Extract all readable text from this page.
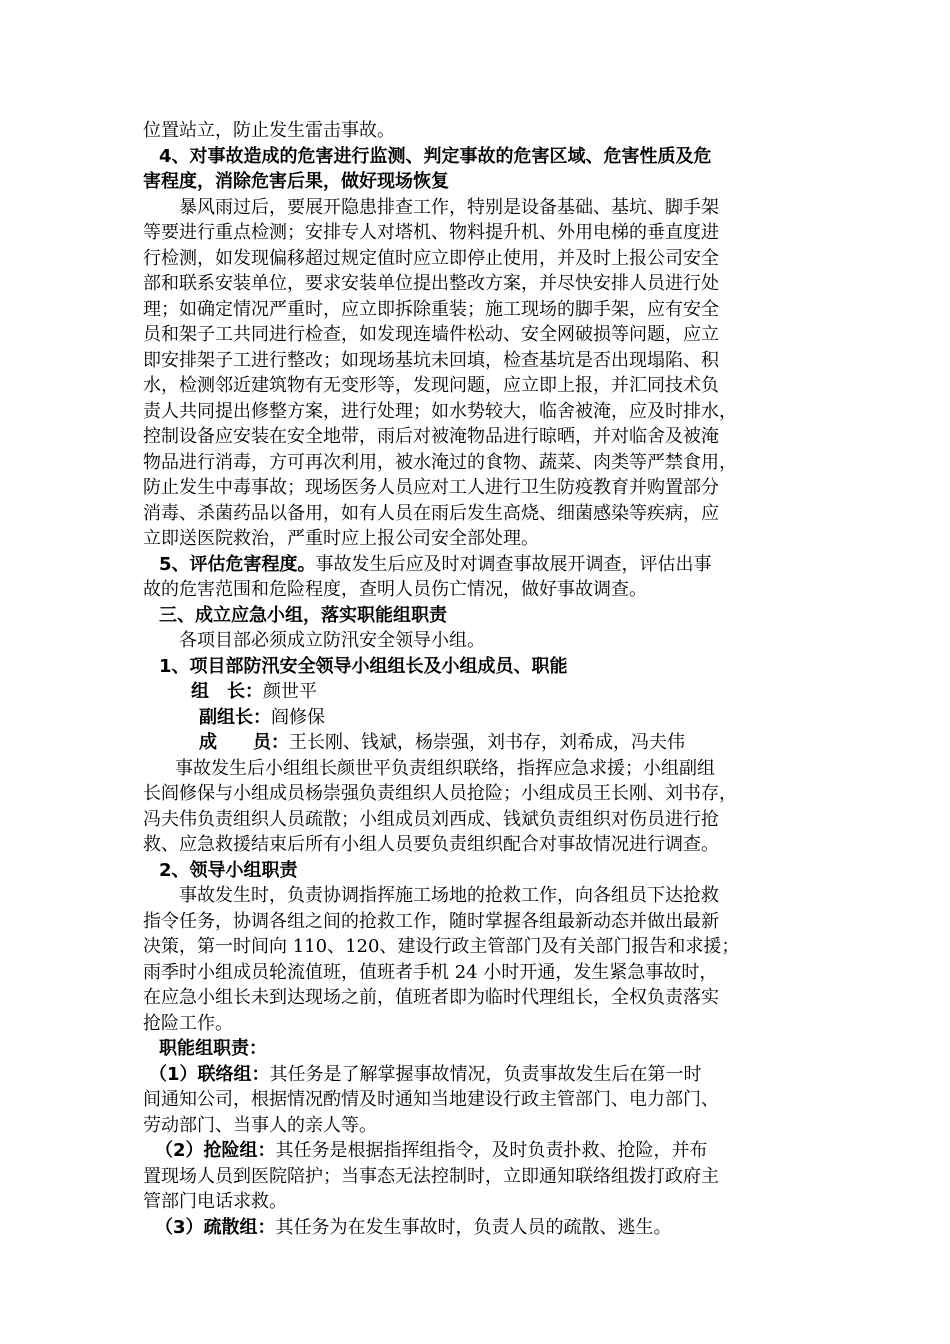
位置站立，防止发生雷击事故。

4、对事故造成的危害进行监测、判定事故的危害区域、危害性质及危

害程度，消除危害后果，做好现场恢复

暴风雨过后，要展开隐患排查工作，特别是设备基础、基坑、脚手架

等要进行重点检测；安排专人对塔机、物料提升机、外用电梯的垂直度进

行检测，如发现偏移超过规定值时应立即停止使用，并及时上报公司安全

部和联系安装单位，要求安装单位提出整改方案，并尽快安排人员进行处

理；如确定情况严重时，应立即拆除重装；施工现场的脚手架，应有安全

员和架子工共同进行检查，如发现连墙件松动、安全网破损等问题，应立

即安排架子工进行整改；如现场基坑未回填，检查基坑是否出现塌陷、积

水，检测邻近建筑物有无变形等，发现问题，应立即上报，并汇同技术负

责人共同提出修整方案，进行处理；如水势较大，临舍被淹，应及时排水，

控制设备应安装在安全地带，雨后对被淹物品进行晾晒，并对临舍及被淹

物品进行消毒，方可再次利用，被水淹过的食物、蔬菜、肉类等严禁食用，

防止发生中毒事故；现场医务人员应对工人进行卫生防疫教育并购置部分

消毒、杀菌药品以备用，如有人员在雨后发生高烧、细菌感染等疾病，应

立即送医院救治，严重时应上报公司安全部处理。

5、评估危害程度。事故发生后应及时对调查事故展开调查，评估出事

故的危害范围和危险程度，查明人员伤亡情况，做好事故调查。

三、成立应急小组，落实职能组职责

各项目部必须成立防汛安全领导小组。

1、项目部防汛安全领导小组组长及小组成员、职能

组　长：颜世平

副组长：阎修保

成　　员：王长刚、钱斌，杨崇强，刘书存，刘希成，冯夫伟

事故发生后小组组长颜世平负责组织联络，指挥应急求援；小组副组

长阎修保与小组成员杨崇强负责组织人员抢险；小组成员王长刚、刘书存，

冯夫伟负责组织人员疏散；小组成员刘西成、钱斌负责组织对伤员进行抢

救、应急救援结束后所有小组人员要负责组织配合对事故情况进行调查。

2、领导小组职责

事故发生时，负责协调指挥施工场地的抢救工作，向各组员下达抢救

指令任务，协调各组之间的抢救工作，随时掌握各组最新动态并做出最新

决策，第一时间向 110、120、建设行政主管部门及有关部门报告和求援；

雨季时小组成员轮流值班，值班者手机 24 小时开通，发生紧急事故时，

在应急小组长未到达现场之前，值班者即为临时代理组长，全权负责落实

抢险工作。

职能组职责：

（1）联络组：其任务是了解掌握事故情况，负责事故发生后在第一时

间通知公司，根据情况酌情及时通知当地建设行政主管部门、电力部门、

劳动部门、当事人的亲人等。

（2）抢险组：其任务是根据指挥组指令，及时负责扑救、抢险，并布

置现场人员到医院陪护；当事态无法控制时，立即通知联络组拨打政府主

管部门电话求救。

（3）疏散组：其任务为在发生事故时，负责人员的疏散、逃生。
